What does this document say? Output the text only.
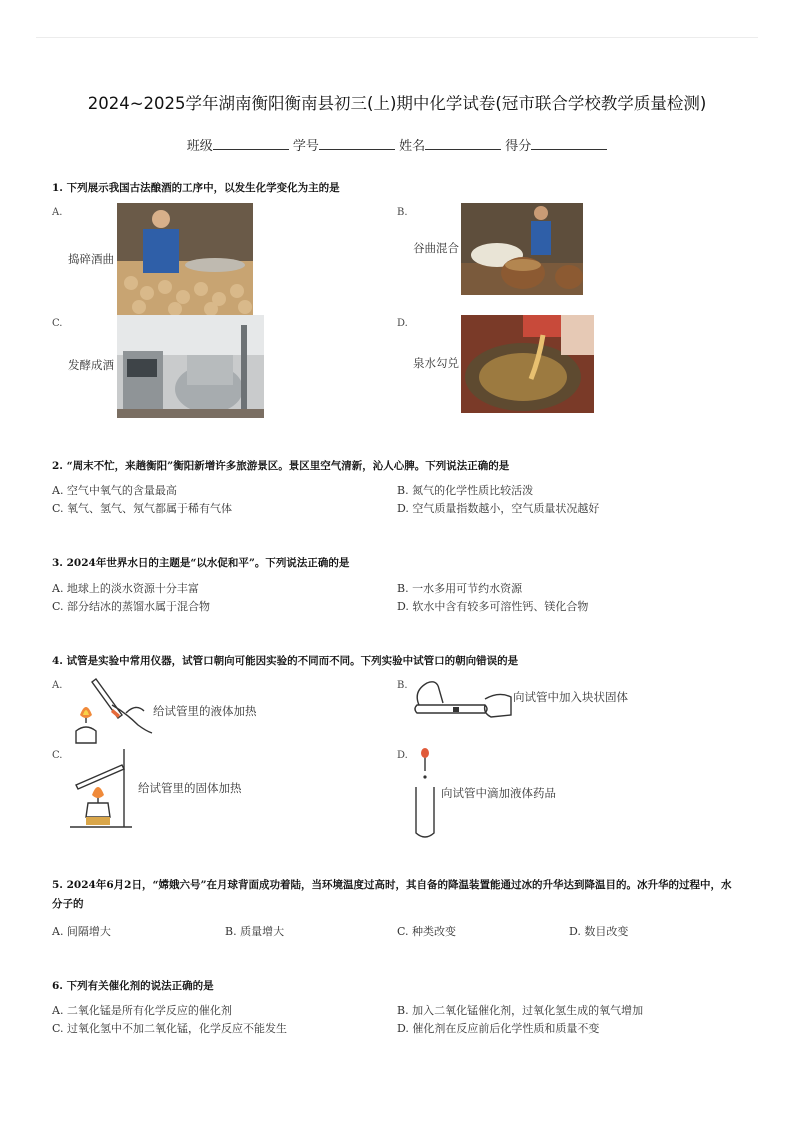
2024~2025学年湖南衡阳衡南县初三(上)期中化学试卷(冠市联合学校教学质量检测)
班级	学号	姓名	得分
1. 下列展示我国古法酿酒的工序中，以发生化学变化为主的是
A.
捣碎酒曲
B.
谷曲混合
C.
发酵成酒
D.
泉水勾兑
2. “周末不忙，来趟衡阳”衡阳新增许多旅游景区。景区里空气清新，沁人心脾。下列说法正确的是
A. 空气中氧气的含量最高	B. 氮气的化学性质比较活泼
C. 氧气、氢气、氖气都属于稀有气体	D. 空气质量指数越小，空气质量状况越好
3. 2024年世界水日的主题是“以水促和平”。下列说法正确的是
A. 地球上的淡水资源十分丰富	B. 一水多用可节约水资源
C. 部分结冰的蒸馏水属于混合物	D. 软水中含有较多可溶性钙、镁化合物
4. 试管是实验中常用仪器，试管口朝向可能因实验的不同而不同。下列实验中试管口的朝向错误的是
A.
给试管里的液体加热
B.
向试管中加入块状固体
C.
给试管里的固体加热
D.
向试管中滴加液体药品
5. 2024年6月2日，“嫦娥六号”在月球背面成功着陆，当环境温度过高时，其自备的降温装置能通过冰的升华达到降温目的。冰升华的过程中，水分子的
A. 间隔增大	B. 质量增大	C. 种类改变	D. 数目改变
6. 下列有关催化剂的说法正确的是
A. 二氧化锰是所有化学反应的催化剂	B. 加入二氧化锰催化剂，过氧化氢生成的氧气增加
C. 过氧化氢中不加二氧化锰，化学反应不能发生	D. 催化剂在反应前后化学性质和质量不变
